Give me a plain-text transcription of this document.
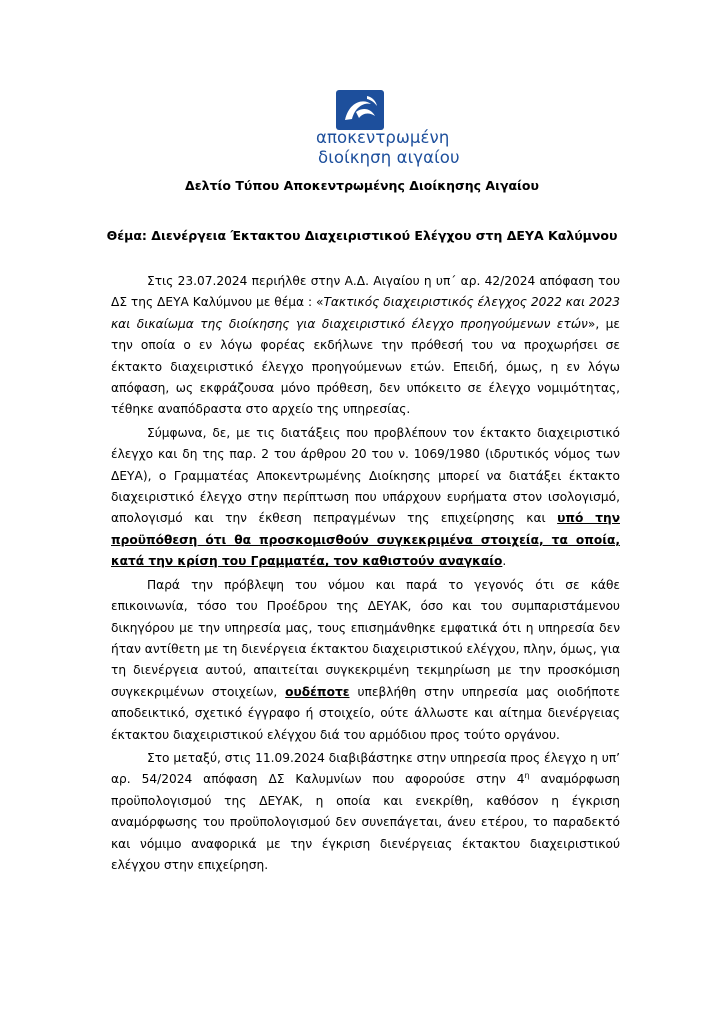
αποκεντρωμένη
διοίκηση αιγαίου
Δελτίο Τύπου Αποκεντρωμένης Διοίκησης Αιγαίου
Θέμα: Διενέργεια Έκτακτου Διαχειριστικού Ελέγχου στη ΔΕΥΑ Καλύμνου

Στις 23.07.2024 περιήλθε στην Α.Δ. Αιγαίου η υπ΄ αρ. 42/2024 απόφαση του ΔΣ της ΔΕΥΑ Καλύμνου με θέμα : «Τακτικός διαχειριστικός έλεγχος 2022 και 2023 και δικαίωμα της διοίκησης για διαχειριστικό έλεγχο προηγούμενων ετών», με την οποία ο εν λόγω φορέας εκδήλωνε την πρόθεσή του να προχωρήσει σε έκτακτο διαχειριστικό έλεγχο προηγούμενων ετών. Επειδή, όμως, η εν λόγω απόφαση, ως εκφράζουσα μόνο πρόθεση, δεν υπόκειτο σε έλεγχο νομιμότητας, τέθηκε αναπόδραστα στο αρχείο της υπηρεσίας.

Σύμφωνα, δε, με τις διατάξεις που προβλέπουν τον έκτακτο διαχειριστικό έλεγχο και δη της παρ. 2 του άρθρου 20 του ν. 1069/1980 (ιδρυτικός νόμος των ΔΕΥΑ), ο Γραμματέας Αποκεντρωμένης Διοίκησης μπορεί να διατάξει έκτακτο διαχειριστικό έλεγχο στην περίπτωση που υπάρχουν ευρήματα στον ισολογισμό, απολογισμό και την έκθεση πεπραγμένων της επιχείρησης και υπό την προϋπόθεση ότι θα προσκομισθούν συγκεκριμένα στοιχεία, τα οποία, κατά την κρίση του Γραμματέα, τον καθιστούν αναγκαίο.

Παρά την πρόβλεψη του νόμου και παρά το γεγονός ότι σε κάθε επικοινωνία, τόσο του Προέδρου της ΔΕΥΑΚ, όσο και του συμπαριστάμενου δικηγόρου με την υπηρεσία μας, τους επισημάνθηκε εμφατικά ότι η υπηρεσία δεν ήταν αντίθετη με τη διενέργεια έκτακτου διαχειριστικού ελέγχου, πλην, όμως, για τη διενέργεια αυτού, απαιτείται συγκεκριμένη τεκμηρίωση με την προσκόμιση συγκεκριμένων στοιχείων, ουδέποτε υπεβλήθη στην υπηρεσία μας οιοδήποτε αποδεικτικό, σχετικό έγγραφο ή στοιχείο, ούτε άλλωστε και αίτημα διενέργειας έκτακτου διαχειριστικού ελέγχου διά του αρμόδιου προς τούτο οργάνου.

Στο μεταξύ, στις 11.09.2024 διαβιβάστηκε στην υπηρεσία προς έλεγχο η υπ’ αρ. 54/2024 απόφαση ΔΣ Καλυμνίων που αφορούσε στην $4^\eta$ αναμόρφωση προϋπολογισμού της ΔΕΥΑΚ, η οποία και ενεκρίθη, καθόσον η έγκριση αναμόρφωσης του προϋπολογισμού δεν συνεπάγεται, άνευ ετέρου, το παραδεκτό και νόμιμο αναφορικά με την έγκριση διενέργειας έκτακτου διαχειριστικού ελέγχου στην επιχείρηση.
